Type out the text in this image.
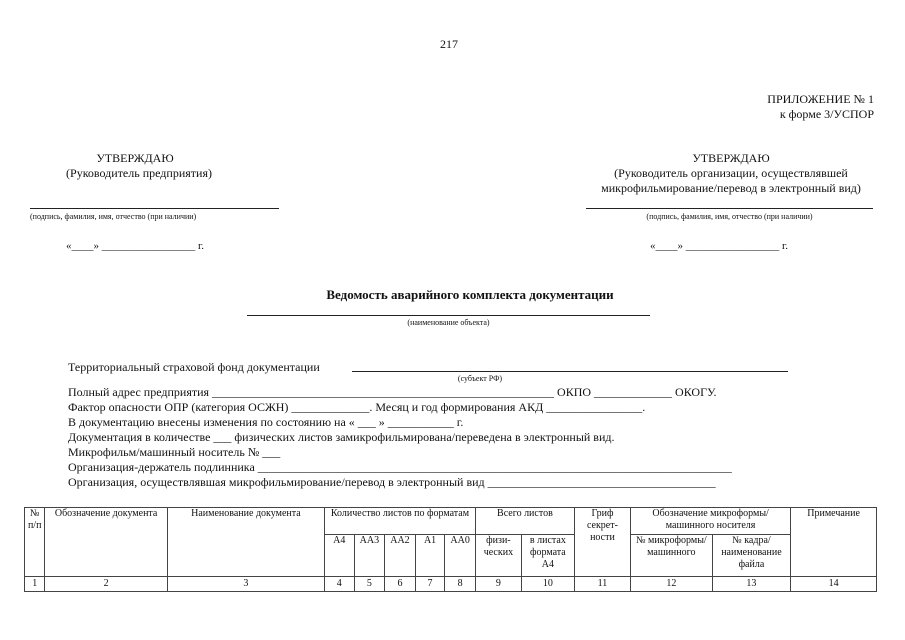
217
ПРИЛОЖЕНИЕ № 1
к форме 3/УСПОР
УТВЕРЖДАЮ
(Руководитель предприятия)
(подпись, фамилия, имя, отчество (при наличии)
«____» _________________ г.
УТВЕРЖДАЮ
(Руководитель организации, осуществлявшей
микрофильмирование/перевод в электронный вид)
(подпись, фамилия, имя, отчество (при наличии)
«____» _________________ г.
Ведомость аварийного комплекта документации
(наименование объекта)
Территориальный страховой фонд документации
(субъект РФ)
Полный адрес предприятия _________________________________________________________ ОКПО _____________ ОКОГУ.
Фактор опасности ОПР (категория ОСЖН) _____________. Месяц и год формирования АКД ________________.
В документацию внесены изменения по состоянию на « ___ » ___________ г.
Документация в количестве ___ физических листов замикрофильмирована/переведена в электронный вид.
Микрофильм/машинный носитель № ___
Организация-держатель подлинника _______________________________________________________________________________
Организация, осуществлявшая микрофильмирование/перевод в электронный вид ______________________________________
№ п/п	Обозначение документа	Наименование документа	Количество листов по форматам					Всего листов		Гриф секрет-ности	Обозначение микроформы/ машинного носителя		Примечание
			А4	АА3	АА2	А1	АА0	физи-ческих	в листах формата А4		№ микроформы/ машинного	№ кадра/ наименование файла	
1	2	3	4	5	6	7	8	9	10	11	12	13	14
